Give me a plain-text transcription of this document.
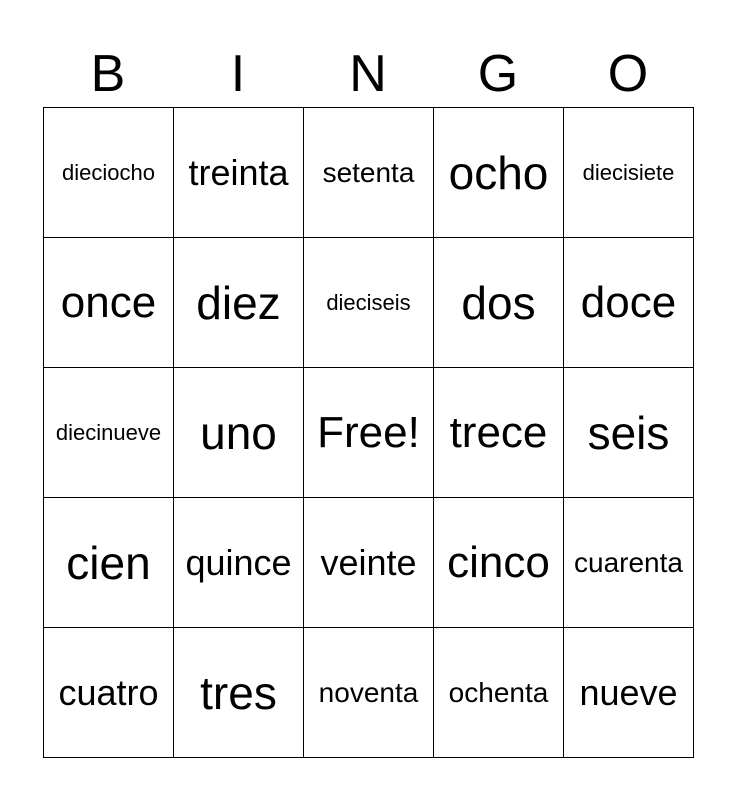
B	I	N	G	O
dieciocho treinta	setenta ocho	diecisiete
once diez	dieciseis	dos	doce
diecinueve uno Free! trece seis
cien quince veinte cinco cuarenta
cuatro tres	noventa	ochenta nueve
